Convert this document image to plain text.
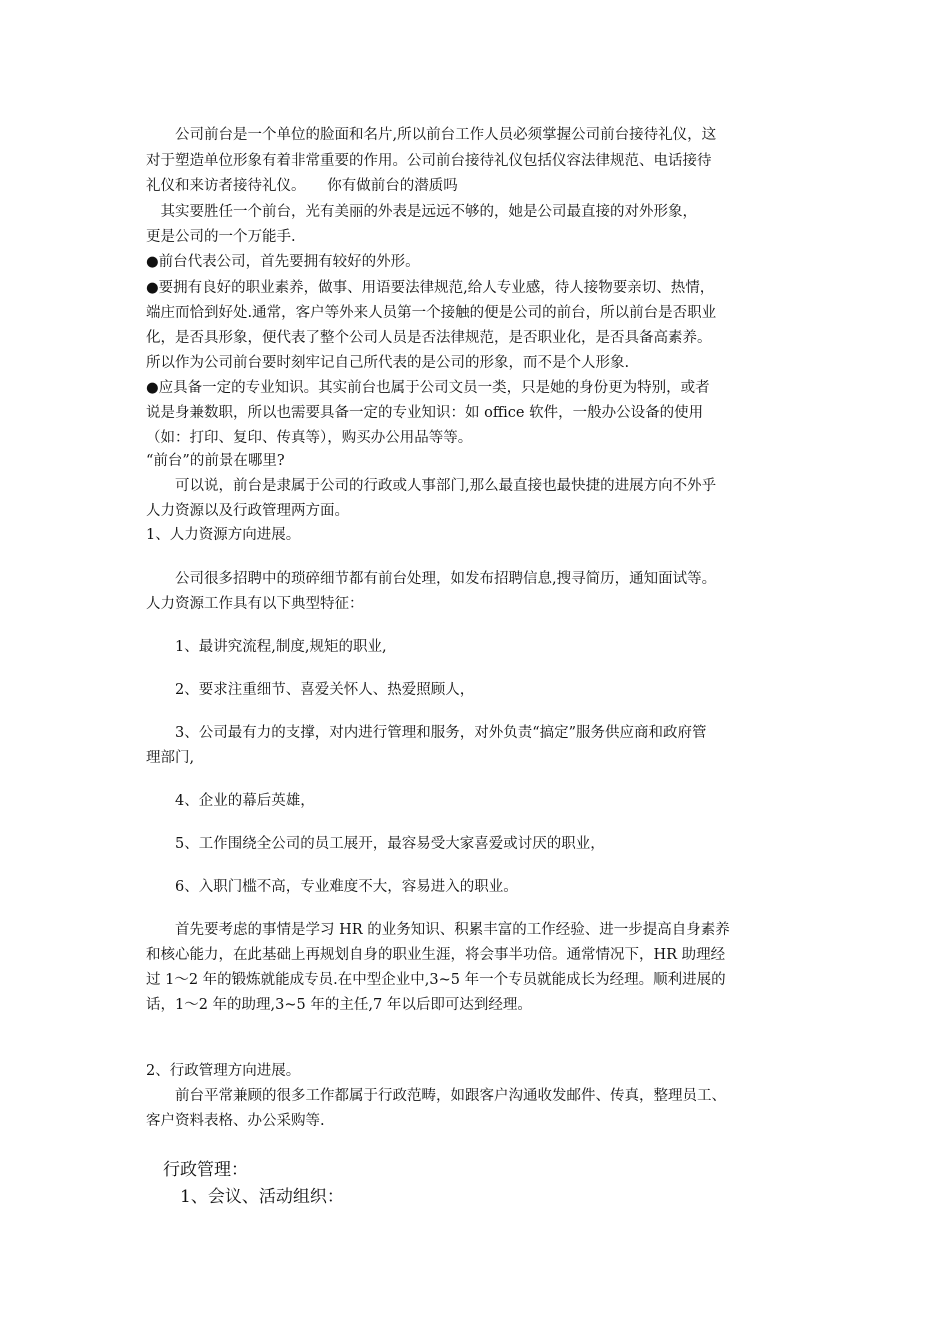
　　公司前台是一个单位的脸面和名片,所以前台工作人员必须掌握公司前台接待礼仪，这
对于塑造单位形象有着非常重要的作用。公司前台接待礼仪包括仪容法律规范、电话接待
礼仪和来访者接待礼仪。　　你有做前台的潜质吗
　其实要胜任一个前台，光有美丽的外表是远远不够的，她是公司最直接的对外形象，
更是公司的一个万能手.
●前台代表公司，首先要拥有较好的外形。
●要拥有良好的职业素养，做事、用语要法律规范,给人专业感，待人接物要亲切、热情，
端庄而恰到好处.通常，客户等外来人员第一个接触的便是公司的前台，所以前台是否职业
化，是否具形象，便代表了整个公司人员是否法律规范，是否职业化，是否具备高素养。
所以作为公司前台要时刻牢记自己所代表的是公司的形象，而不是个人形象.
●应具备一定的专业知识。其实前台也属于公司文员一类，只是她的身份更为特别，或者
说是身兼数职，所以也需要具备一定的专业知识：如 office 软件，一般办公设备的使用
（如：打印、复印、传真等），购买办公用品等等。
“前台”的前景在哪里?
　　可以说，前台是隶属于公司的行政或人事部门,那么最直接也最快捷的进展方向不外乎
人力资源以及行政管理两方面。
1、人力资源方向进展。
　　公司很多招聘中的琐碎细节都有前台处理，如发布招聘信息,搜寻简历，通知面试等。
人力资源工作具有以下典型特征：
　　1、最讲究流程,制度,规矩的职业,
　　2、要求注重细节、喜爱关怀人、热爱照顾人，
　　3、公司最有力的支撑，对内进行管理和服务，对外负责“搞定”服务供应商和政府管
理部门,
　　4、企业的幕后英雄，
　　5、工作围绕全公司的员工展开，最容易受大家喜爱或讨厌的职业，
　　6、入职门槛不高，专业难度不大，容易进入的职业。
　　首先要考虑的事情是学习 HR 的业务知识、积累丰富的工作经验、进一步提高自身素养
和核心能力，在此基础上再规划自身的职业生涯，将会事半功倍。通常情况下，HR 助理经
过 1～2 年的锻炼就能成专员.在中型企业中,3~5 年一个专员就能成长为经理。顺利进展的
话，1～2 年的助理,3~5 年的主任,7 年以后即可达到经理。
2、行政管理方向进展。
　　前台平常兼顾的很多工作都属于行政范畴，如跟客户沟通收发邮件、传真，整理员工、
客户资料表格、办公采购等.
　行政管理：
　　1、会议、活动组织：
